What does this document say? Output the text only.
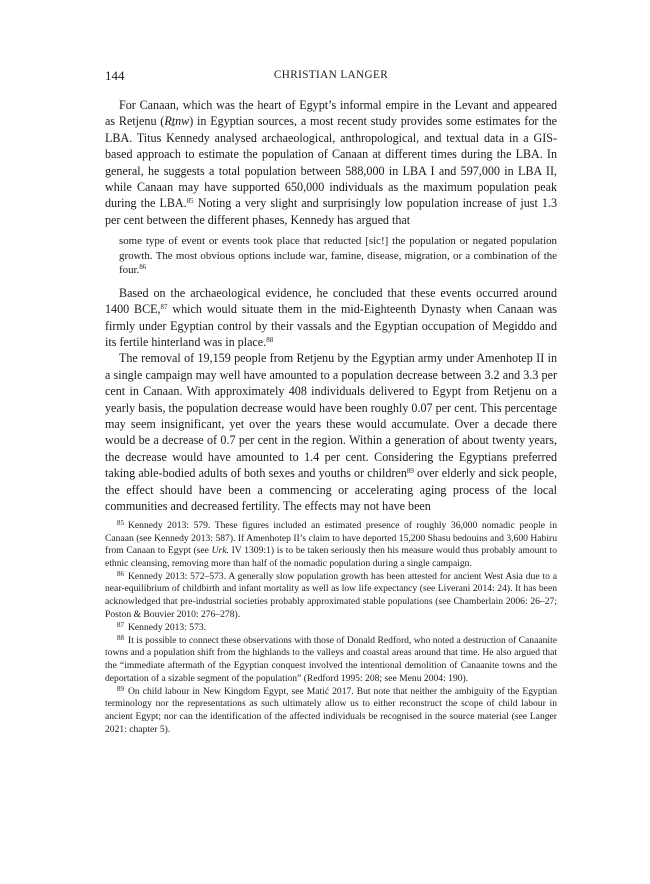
144	CHRISTIAN LANGER

For Canaan, which was the heart of Egypt’s informal empire in the Levant and appeared as Retjenu (Rṯnw) in Egyptian sources, a most recent study provides some estimates for the LBA. Titus Kennedy analysed archaeological, anthropological, and textual data in a GIS-based approach to estimate the population of Canaan at different times during the LBA. In general, he suggests a total population between 588,000 in LBA I and 597,000 in LBA II, while Canaan may have supported 650,000 individuals as the maximum population peak during the LBA.$^{85}$ Noting a very slight and surprisingly low population increase of just 1.3 per cent between the different phases, Kennedy has argued that

some type of event or events took place that reducted [sic!] the population or negated population growth. The most obvious options include war, famine, disease, migration, or a combination of the four.$^{86}$

Based on the archaeological evidence, he concluded that these events occurred around 1400 BCE,$^{87}$ which would situate them in the mid-Eighteenth Dynasty when Canaan was firmly under Egyptian control by their vassals and the Egyptian occupation of Megiddo and its fertile hinterland was in place.$^{88}$

The removal of 19,159 people from Retjenu by the Egyptian army under Amenhotep II in a single campaign may well have amounted to a population decrease between 3.2 and 3.3 per cent in Canaan. With approximately 408 individuals delivered to Egypt from Retjenu on a yearly basis, the population decrease would have been roughly 0.07 per cent. This percentage may seem insignificant, yet over the years these would accumulate. Over a decade there would be a decrease of 0.7 per cent in the region. Within a generation of about twenty years, the decrease would have amounted to 1.4 per cent. Considering the Egyptians preferred taking able-bodied adults of both sexes and youths or children$^{89}$ over elderly and sick people, the effect should have been a commencing or accelerating aging process of the local communities and decreased fertility. The effects may not have been

$^{85}$ Kennedy 2013: 579. These figures included an estimated presence of roughly 36,000 nomadic people in Canaan (see Kennedy 2013: 587). If Amenhotep II’s claim to have deported 15,200 Shasu bedouins and 3,600 Habiru from Canaan to Egypt (see Urk. IV 1309:1) is to be taken seriously then his measure would thus probably amount to ethnic cleansing, removing more than half of the nomadic population during a single campaign.

$^{86}$ Kennedy 2013: 572–573. A generally slow population growth has been attested for ancient West Asia due to a near-equilibrium of childbirth and infant mortality as well as low life expectancy (see Liverani 2014: 24). It has been acknowledged that pre-industrial societies probably approximated stable populations (see Chamberlain 2006: 26–27; Poston & Bouvier 2010: 276–278).

$^{87}$ Kennedy 2013: 573.

$^{88}$ It is possible to connect these observations with those of Donald Redford, who noted a destruction of Canaanite towns and a population shift from the highlands to the valleys and coastal areas around that time. He also argued that the “immediate aftermath of the Egyptian conquest involved the intentional demolition of Canaanite towns and the deportation of a sizable segment of the population” (Redford 1995: 208; see Menu 2004: 190).

$^{89}$ On child labour in New Kingdom Egypt, see Matić 2017. But note that neither the ambiguity of the Egyptian terminology nor the representations as such ultimately allow us to either reconstruct the scope of child labour in ancient Egypt; nor can the identification of the affected individuals be recognised in the source material (see Langer 2021: chapter 5).
